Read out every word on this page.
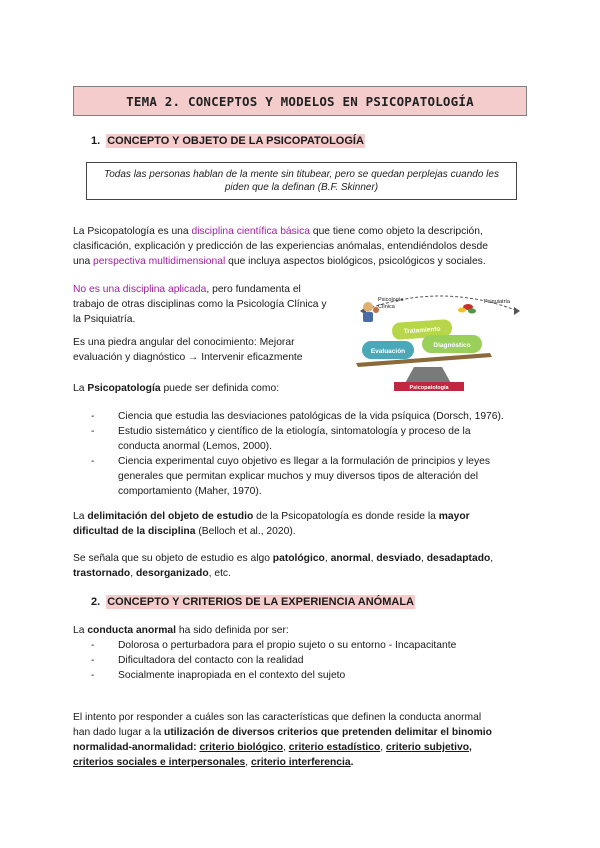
TEMA 2. CONCEPTOS Y MODELOS EN PSICOPATOLOGÍA
1. CONCEPTO Y OBJETO DE LA PSICOPATOLOGÍA
Todas las personas hablan de la mente sin titubear, pero se quedan perplejas cuando les
piden que la definan (B.F. Skinner)
La Psicopatología es una disciplina científica básica que tiene como objeto la descripción,
clasificación, explicación y predicción de las experiencias anómalas, entendiéndolos desde
una perspectiva multidimensional que incluya aspectos biológicos, psicológicos y sociales.
No es una disciplina aplicada, pero fundamenta el
trabajo de otras disciplinas como la Psicología Clínica y
la Psiquiatría.
Es una piedra angular del conocimiento: Mejorar
evaluación y diagnóstico → Intervenir eficazmente
Psicología
Clínica
Psiquiatría
Tratamiento
Evaluación
Diagnóstico
Psicopatología
La Psicopatología puede ser definida como:
- Ciencia que estudia las desviaciones patológicas de la vida psíquica (Dorsch, 1976).
- Estudio sistemático y científico de la etiología, sintomatología y proceso de la
conducta anormal (Lemos, 2000).
- Ciencia experimental cuyo objetivo es llegar a la formulación de principios y leyes
generales que permitan explicar muchos y muy diversos tipos de alteración del
comportamiento (Maher, 1970).
La delimitación del objeto de estudio de la Psicopatología es donde reside la mayor
dificultad de la disciplina (Belloch et al., 2020).
Se señala que su objeto de estudio es algo patológico, anormal, desviado, desadaptado,
trastornado, desorganizado, etc.
2. CONCEPTO Y CRITERIOS DE LA EXPERIENCIA ANÓMALA
La conducta anormal ha sido definida por ser:
- Dolorosa o perturbadora para el propio sujeto o su entorno - Incapacitante
- Dificultadora del contacto con la realidad
- Socialmente inapropiada en el contexto del sujeto
El intento por responder a cuáles son las características que definen la conducta anormal
han dado lugar a la utilización de diversos criterios que pretenden delimitar el binomio
normalidad-anormalidad: criterio biológico, criterio estadístico, criterio subjetivo,
criterios sociales e interpersonales, criterio interferencia.
